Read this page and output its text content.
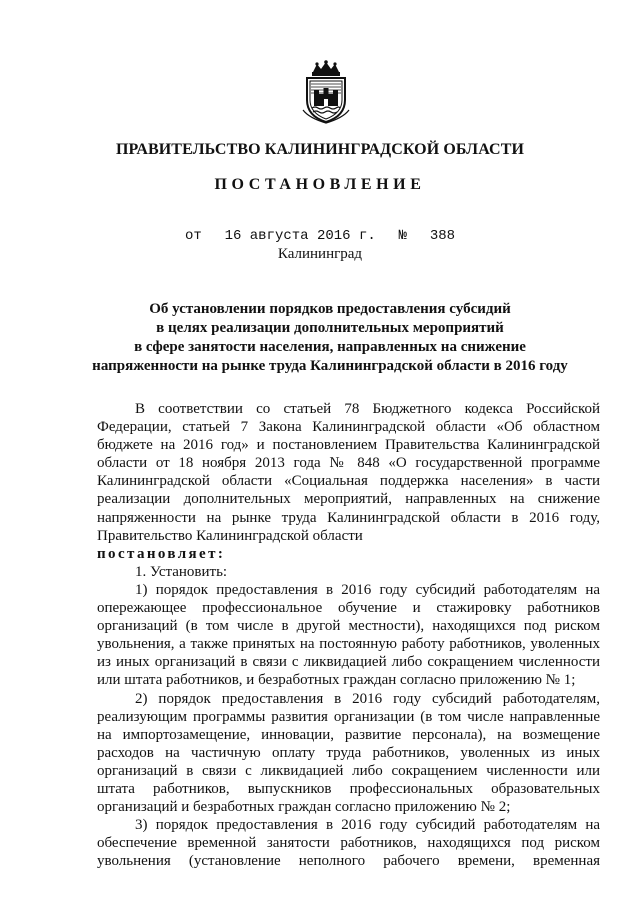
ПРАВИТЕЛЬСТВО КАЛИНИНГРАДСКОЙ ОБЛАСТИ
ПОСТАНОВЛЕНИЕ
от 16 августа 2016 г. № 388
Калининград
Об установлении порядков предоставления субсидий
в целях реализации дополнительных мероприятий
в сфере занятости населения, направленных на снижение
напряженности на рынке труда Калининградской области в 2016 году

В соответствии со статьей 78 Бюджетного кодекса Российской Федерации, статьей 7 Закона Калининградской области «Об областном бюджете на 2016 год» и постановлением Правительства Калининградской области от 18 ноября 2013 года № 848 «О государственной программе Калининградской области «Социальная поддержка населения» в части реализации дополнительных мероприятий, направленных на снижение напряженности на рынке труда Калининградской области в 2016 году, Правительство Калининградской области

постановляет:

1. Установить:

1) порядок предоставления в 2016 году субсидий работодателям на опережающее профессиональное обучение и стажировку работников организаций (в том числе в другой местности), находящихся под риском увольнения, а также принятых на постоянную работу работников, уволенных из иных организаций в связи с ликвидацией либо сокращением численности или штата работников, и безработных граждан согласно приложению № 1;

2) порядок предоставления в 2016 году субсидий работодателям, реализующим программы развития организации (в том числе направленные на импортозамещение, инновации, развитие персонала), на возмещение расходов на частичную оплату труда работников, уволенных из иных организаций в связи с ликвидацией либо сокращением численности или штата работников, выпускников профессиональных образовательных организаций и безработных граждан согласно приложению № 2;

3) порядок предоставления в 2016 году субсидий работодателям на обеспечение временной занятости работников, находящихся под риском увольнения (установление неполного рабочего времени, временная
